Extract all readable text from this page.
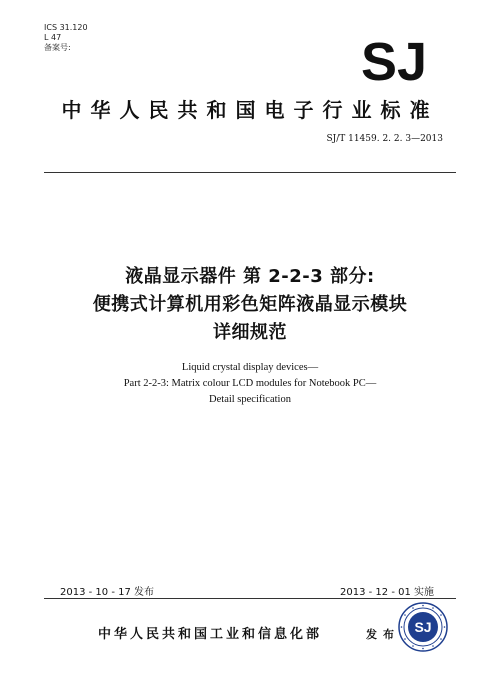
ICS 31.120
L 47
备案号:	SJ
中华人民共和国电子行业标准
SJ/T 11459. 2. 2. 3—2013
液晶显示器件 第 2-2-3 部分:
便携式计算机用彩色矩阵液晶显示模块
详细规范
Liquid crystal display devices—
Part 2-2-3: Matrix colour LCD modules for Notebook PC—
Detail specification
2013 - 10 - 17 发布	2013 - 12 - 01 实施
中华人民共和国工业和信息化部	发布 SJ
